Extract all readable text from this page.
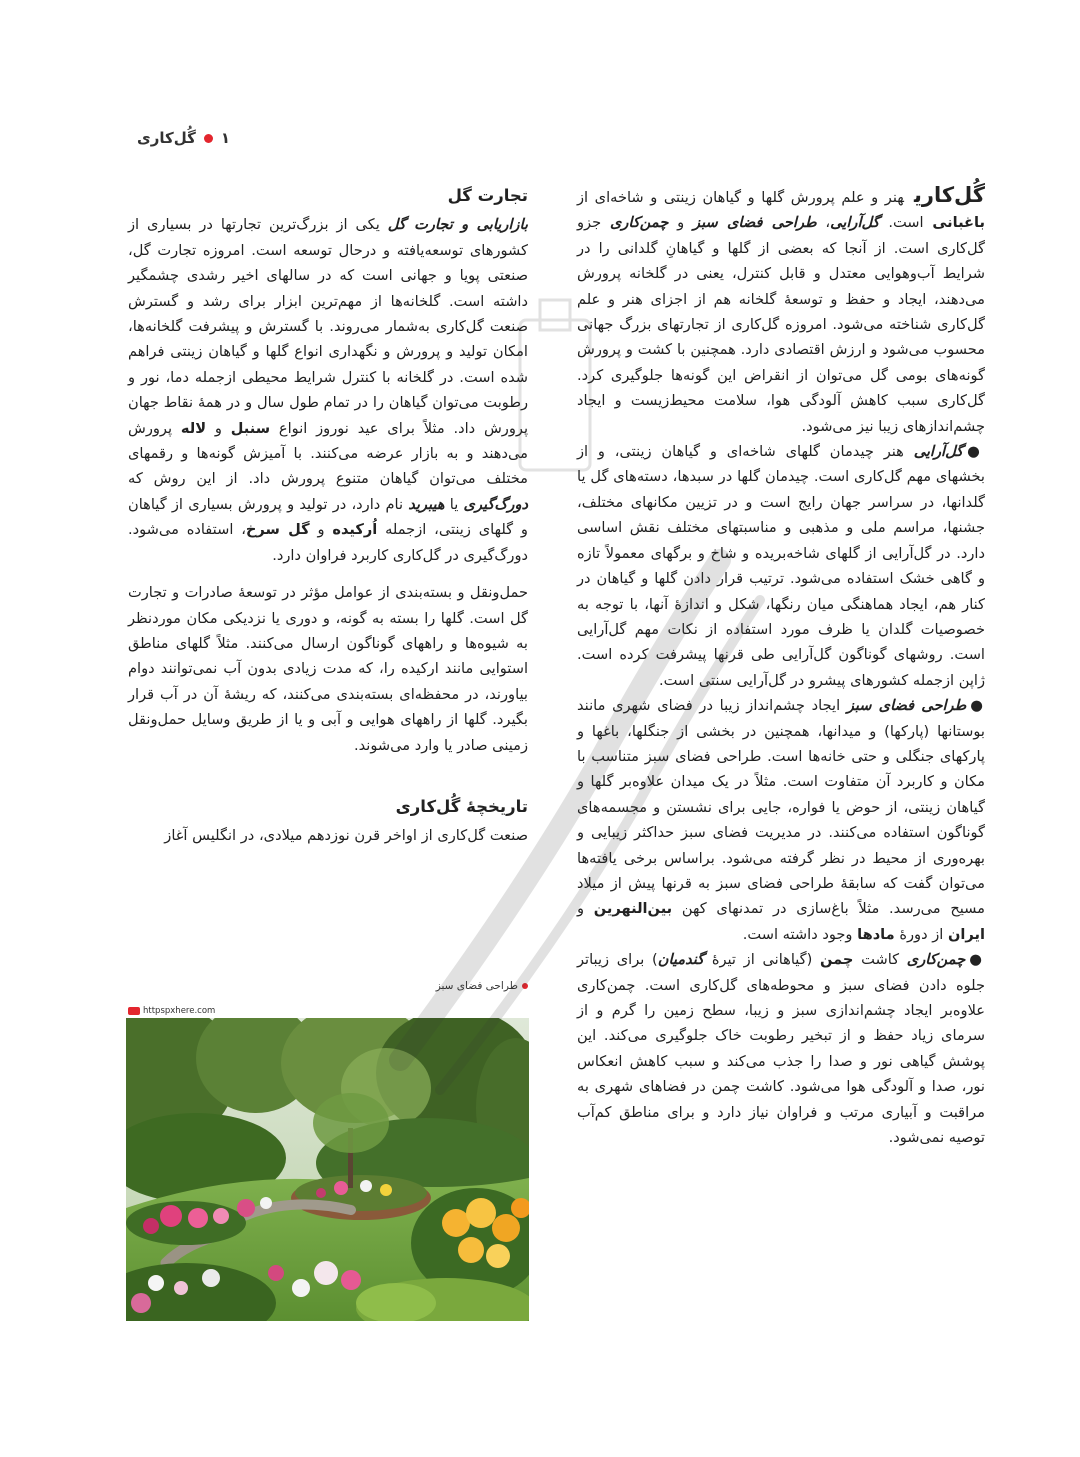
۱
گُل‌کاری

گُل‌کاریهنر و علم پرورش گلها و گیاهان زینتی و شاخه‌ای از باغبانی است. گل‌آرایی، طراحی فضای سبز و چمن‌کاری جزو گل‌کاری است. از آنجا که بعضی از گلها و گیاهانِ گلدانی را در شرایط آب‌وهوایی معتدل و قابل کنترل، یعنی در گلخانه پرورش می‌دهند، ایجاد و حفظ و توسعهٔ گلخانه هم از اجزای هنر و علم گل‌کاری شناخته می‌شود. امروزه گل‌کاری از تجارتهای بزرگ جهانی محسوب می‌شود و ارزش اقتصادی دارد. همچنین با کشت و پرورش گونه‌های بومی گل می‌توان از انقراض این گونه‌ها جلوگیری کرد. گل‌کاری سبب کاهش آلودگی هوا، سلامت محیط‌زیست و ایجاد چشم‌اندازهای زیبا نیز می‌شود.

●گل‌آرایی هنر چیدمان گلهای شاخه‌ای و گیاهان زینتی، و از بخشهای مهم گل‌کاری است. چیدمان گلها در سبدها، دسته‌های گل یا گلدانها، در سراسر جهان رایج است و در تزیین مکانهای مختلف، جشنها، مراسم ملی و مذهبی و مناسبتهای مختلف نقش اساسی دارد. در گل‌آرایی از گلهای شاخه‌بریده و شاخ و برگهای معمولاً تازه و گاهی خشک استفاده می‌شود. ترتیب قرار دادن گلها و گیاهان در کنار هم، ایجاد هماهنگی میان رنگها، شکل و اندازهٔ آنها، با توجه به خصوصیات گلدان یا ظرف مورد استفاده از نکات مهم گل‌آرایی است. روشهای گوناگون گل‌آرایی طی قرنها پیشرفت کرده است. ژاپن ازجمله کشورهای پیشرو در گل‌آرایی سنتی است.

●طراحی فضای سبز ایجاد چشم‌انداز زیبا در فضای شهری مانند بوستانها (پارکها) و میدانها، همچنین در بخشی از جنگلها، باغها و پارکهای جنگلی و حتی خانه‌ها است. طراحی فضای سبز متناسب با مکان و کاربرد آن متفاوت است. مثلاً در یک میدان علاوه‌بر گلها و گیاهان زینتی، از حوض یا فواره، جایی برای نشستن و مجسمه‌های گوناگون استفاده می‌کنند. در مدیریت فضای سبز حداکثر زیبایی و بهره‌وری از محیط در نظر گرفته می‌شود. براساس برخی یافته‌ها می‌توان گفت که سابقهٔ طراحی فضای سبز به قرنها پیش از میلاد مسیح می‌رسد. مثلاً باغ‌سازی در تمدنهای کهن بین‌النهرین و ایران از دورهٔ مادها وجود داشته است.

●چمن‌کاری کاشت چمن (گیاهانی از تیرهٔ گندمیان) برای زیباتر جلوه دادن فضای سبز و محوطه‌های گل‌کاری است. چمن‌کاری علاوه‌بر ایجاد چشم‌اندازی سبز و زیبا، سطح زمین را گرم و از سرمای زیاد حفظ و از تبخیر رطوبت خاک جلوگیری می‌کند. این پوشش گیاهی نور و صدا را جذب می‌کند و سبب کاهش انعکاس نور، صدا و آلودگی هوا می‌شود. کاشت چمن در فضاهای شهری به مراقبت و آبیاری مرتب و فراوان نیاز دارد و برای مناطق کم‌آب توصیه نمی‌شود.

تجارت گل

بازاریابی و تجارت گل یکی از بزرگ‌ترین تجارتها در بسیاری از کشورهای توسعه‌یافته و درحال توسعه است. امروزه تجارت گل، صنعتی پویا و جهانی است که در سالهای اخیر رشدی چشمگیر داشته است. گلخانه‌ها از مهم‌ترین ابزار برای رشد و گسترش صنعت گل‌کاری به‌شمار می‌روند. با گسترش و پیشرفت گلخانه‌ها، امکان تولید و پرورش و نگهداری انواع گلها و گیاهان زینتی فراهم شده است. در گلخانه با کنترل شرایط محیطی ازجمله دما، نور و رطوبت می‌توان گیاهان را در تمام طول سال و در همهٔ نقاط جهان پرورش داد. مثلاً برای عید نوروز انواع سنبل و لاله پرورش می‌دهند و به بازار عرضه می‌کنند. با آمیزش گونه‌ها و رقمهای مختلف می‌توان گیاهان متنوع پرورش داد. از این روش که دورگ‌گیری یا هیبرید نام دارد، در تولید و پرورش بسیاری از گیاهان و گلهای زینتی، ازجمله اُرکیده و گل سرخ، استفاده می‌شود. دورگ‌گیری در گل‌کاری کاربرد فراوان دارد.

حمل‌ونقل و بسته‌بندی از عوامل مؤثر در توسعهٔ صادرات و تجارت گل است. گلها را بسته به گونه، و دوری یا نزدیکی مکان موردنظر به شیوه‌ها و راههای گوناگون ارسال می‌کنند. مثلاً گلهای مناطق استوایی مانند ارکیده را، که مدت زیادی بدون آب نمی‌توانند دوام بیاورند، در محفظه‌ای بسته‌بندی می‌کنند، که ریشهٔ آن در آب قرار بگیرد. گلها از راههای هوایی و آبی و یا از طریق وسایل حمل‌ونقل زمینی صادر یا وارد می‌شوند.

تاریخچهٔ گُل‌کاری

صنعت گل‌کاری از اواخر قرن نوزدهم میلادی، در انگلیس آغاز

طراحی فضای سبز
httpspxhere.com
